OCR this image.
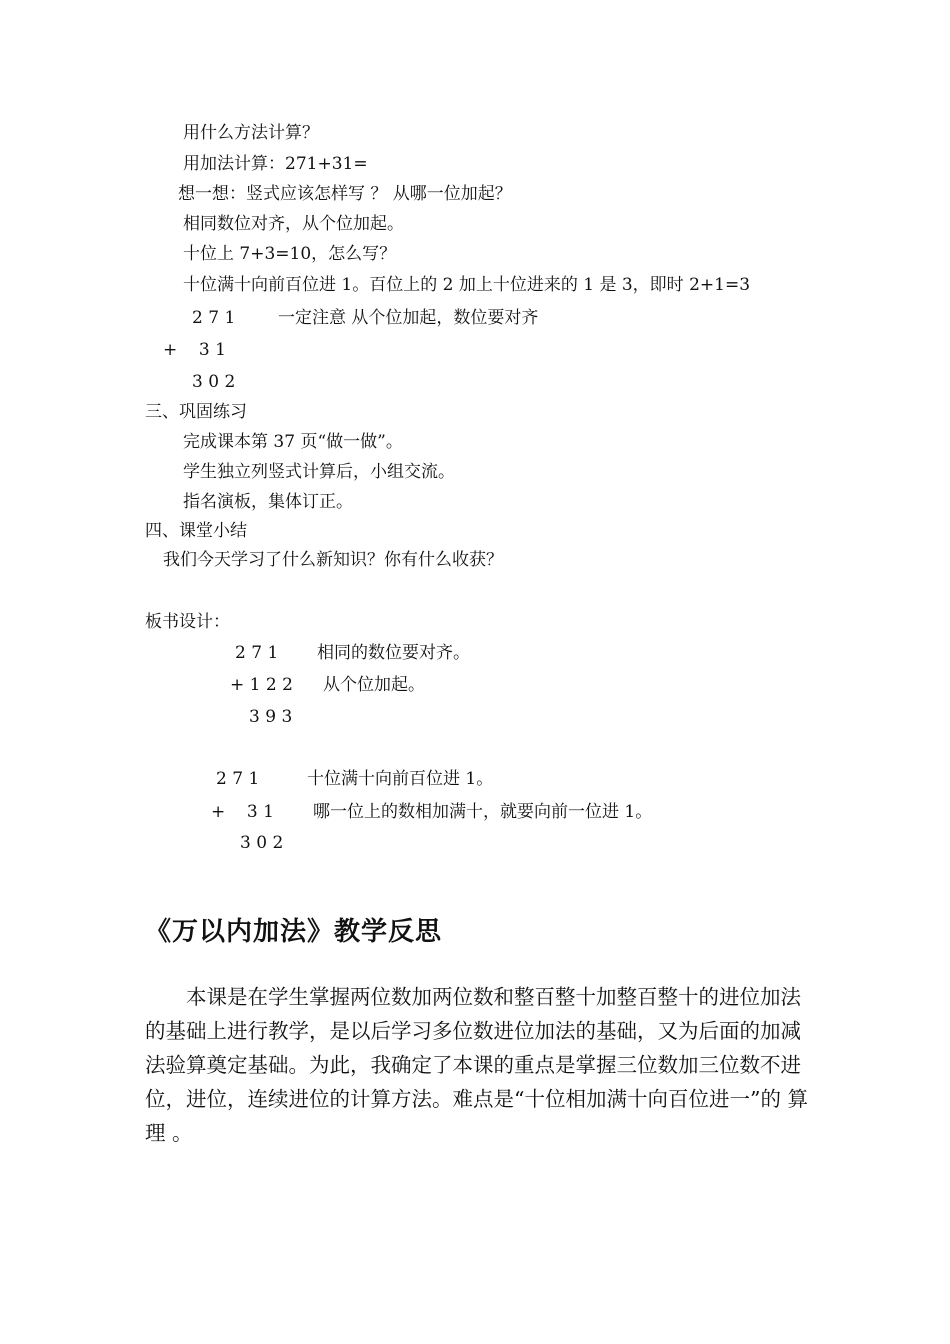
用什么方法计算？
用加法计算：271+31=
想一想：竖式应该怎样写 ？ 从哪一位加起？
相同数位对齐，从个位加起。
十位上 7+3=10，怎么写？
十位满十向前百位进 1。百位上的 2 加上十位进来的 1 是 3，即时 2+1=3
2 7 1	一定注意 从个位加起，数位要对齐
+    3 1
3 0 2
三、巩固练习
完成课本第 37 页“做一做”。
学生独立列竖式计算后，小组交流。
指名演板，集体订正。
四、课堂小结
我们今天学习了什么新知识？你有什么收获？
板书设计：
2 7 1 相同的数位要对齐。
+ 1 2 2 从个位加起。
3 9 3
2 7 1	十位满十向前百位进 1。
+    3 1 哪一位上的数相加满十，就要向前一位进 1。
3 0 2
《万以内加法》教学反思

本课是在学生掌握两位数加两位数和整百整十加整百整十的进位加法的基础上进行教学，是以后学习多位数进位加法的基础，又为后面的加减法验算奠定基础。为此，我确定了本课的重点是掌握三位数加三位数不进位，进位，连续进位的计算方法。难点是“十位相加满十向百位进一”的 算理 。
